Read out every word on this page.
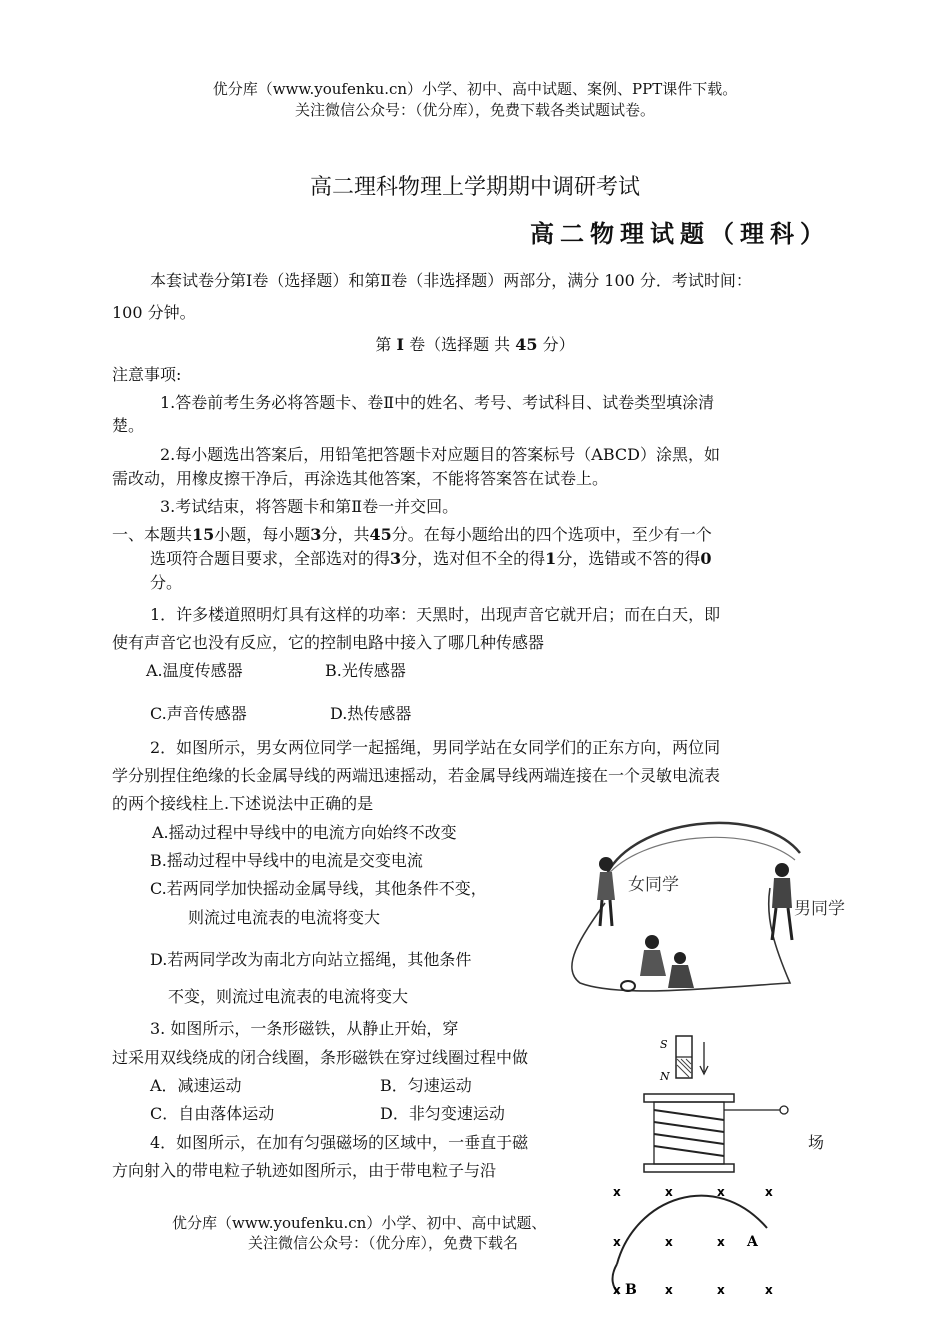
优分库（www.youfenku.cn）小学、初中、高中试题、案例、PPT课件下载。
关注微信公众号：（优分库），免费下载各类试题试卷。
高二理科物理上学期期中调研考试
高二物理试题（理科）
本套试卷分第Ⅰ卷（选择题）和第Ⅱ卷（非选择题）两部分，满分 100 分．考试时间：
100 分钟。
第 I 卷（选择题 共 45 分）
注意事项:
1.答卷前考生务必将答题卡、卷Ⅱ中的姓名、考号、考试科目、试卷类型填涂清
楚。
2.每小题选出答案后，用铅笔把答题卡对应题目的答案标号（ABCD）涂黑，如
需改动，用橡皮擦干净后，再涂选其他答案，不能将答案答在试卷上。
3.考试结束，将答题卡和第Ⅱ卷一并交回。
一、本题共15小题，每小题3分，共45分。在每小题给出的四个选项中，至少有一个
选项符合题目要求，全部选对的得3分，选对但不全的得1分，选错或不答的得0
分。
1．许多楼道照明灯具有这样的功率：天黑时，出现声音它就开启；而在白天，即
使有声音它也没有反应，它的控制电路中接入了哪几种传感器
A.温度传感器	B.光传感器
C.声音传感器	D.热传感器
2．如图所示，男女两位同学一起摇绳，男同学站在女同学们的正东方向，两位同
学分别捏住绝缘的长金属导线的两端迅速摇动，若金属导线两端连接在一个灵敏电流表
的两个接线柱上.下述说法中正确的是
A.摇动过程中导线中的电流方向始终不改变
B.摇动过程中导线中的电流是交变电流
C.若两同学加快摇动金属导线，其他条件不变，
则流过电流表的电流将变大
D.若两同学改为南北方向站立摇绳，其他条件
不变，则流过电流表的电流将变大
女同学
男同学
3. 如图所示，一条形磁铁，从静止开始，穿
过采用双线绕成的闭合线圈，条形磁铁在穿过线圈过程中做
A．减速运动	B．匀速运动
C．自由落体运动	D．非匀变速运动
S
N
4．如图所示，在加有匀强磁场的区域中，一垂直于磁	场
方向射入的带电粒子轨迹如图所示，由于带电粒子与沿
x	x	x	x
x	x	x
x	x	x	x
A
B
优分库（www.youfenku.cn）小学、初中、高中试题、
关注微信公众号：（优分库），免费下载名
